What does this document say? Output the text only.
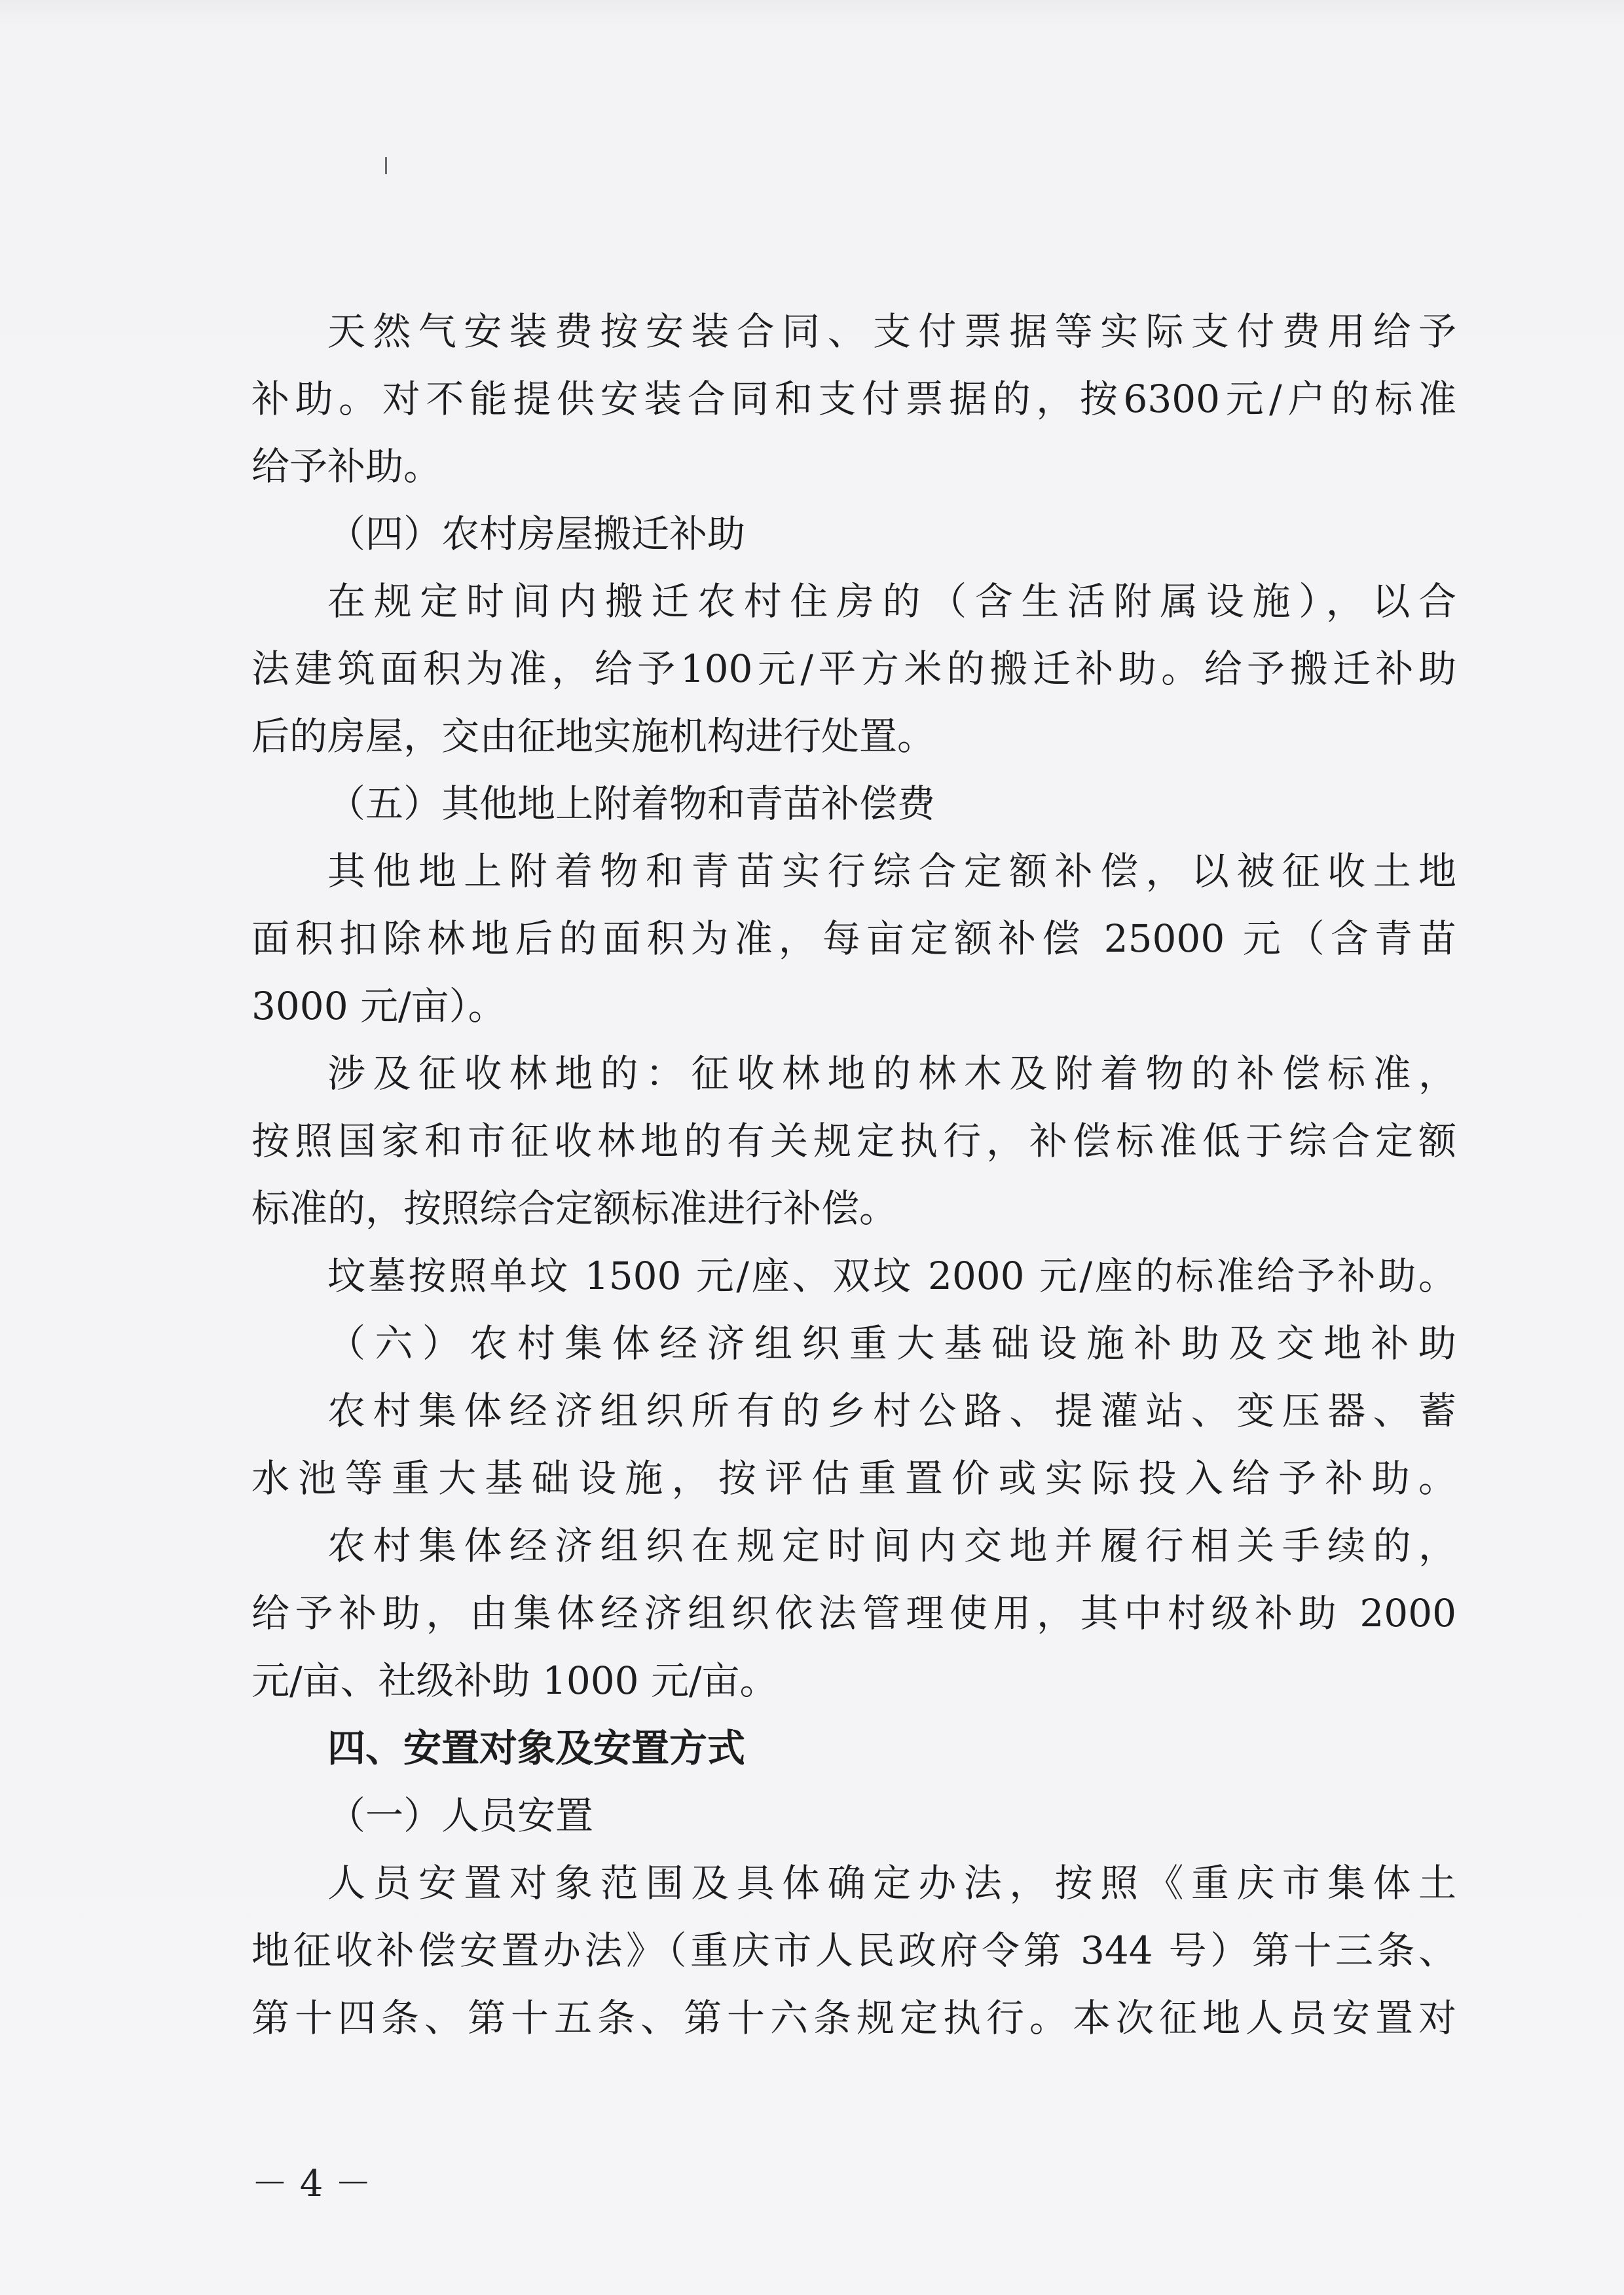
天然气安装费按安装合同、支付票据等实际支付费用给予
补助。对不能提供安装合同和支付票据的，按6300元/户的标准
给予补助。
（四）农村房屋搬迁补助
在规定时间内搬迁农村住房的（含生活附属设施），以合
法建筑面积为准，给予100元/平方米的搬迁补助。给予搬迁补助
后的房屋，交由征地实施机构进行处置。
（五）其他地上附着物和青苗补偿费
其他地上附着物和青苗实行综合定额补偿，以被征收土地
面积扣除林地后的面积为准，每亩定额补偿 25000 元（含青苗
3000 元/亩）。
涉及征收林地的：征收林地的林木及附着物的补偿标准，
按照国家和市征收林地的有关规定执行，补偿标准低于综合定额
标准的，按照综合定额标准进行补偿。
坟墓按照单坟 1500 元/座、双坟 2000 元/座的标准给予补助。
（六）农村集体经济组织重大基础设施补助及交地补助
农村集体经济组织所有的乡村公路、提灌站、变压器、蓄
水池等重大基础设施，按评估重置价或实际投入给予补助。
农村集体经济组织在规定时间内交地并履行相关手续的，
给予补助，由集体经济组织依法管理使用，其中村级补助 2000
元/亩、社级补助 1000 元/亩。
四、安置对象及安置方式
（一）人员安置
人员安置对象范围及具体确定办法，按照《重庆市集体土
地征收补偿安置办法》（重庆市人民政府令第 344 号）第十三条、
第十四条、第十五条、第十六条规定执行。本次征地人员安置对
－ 4 －
